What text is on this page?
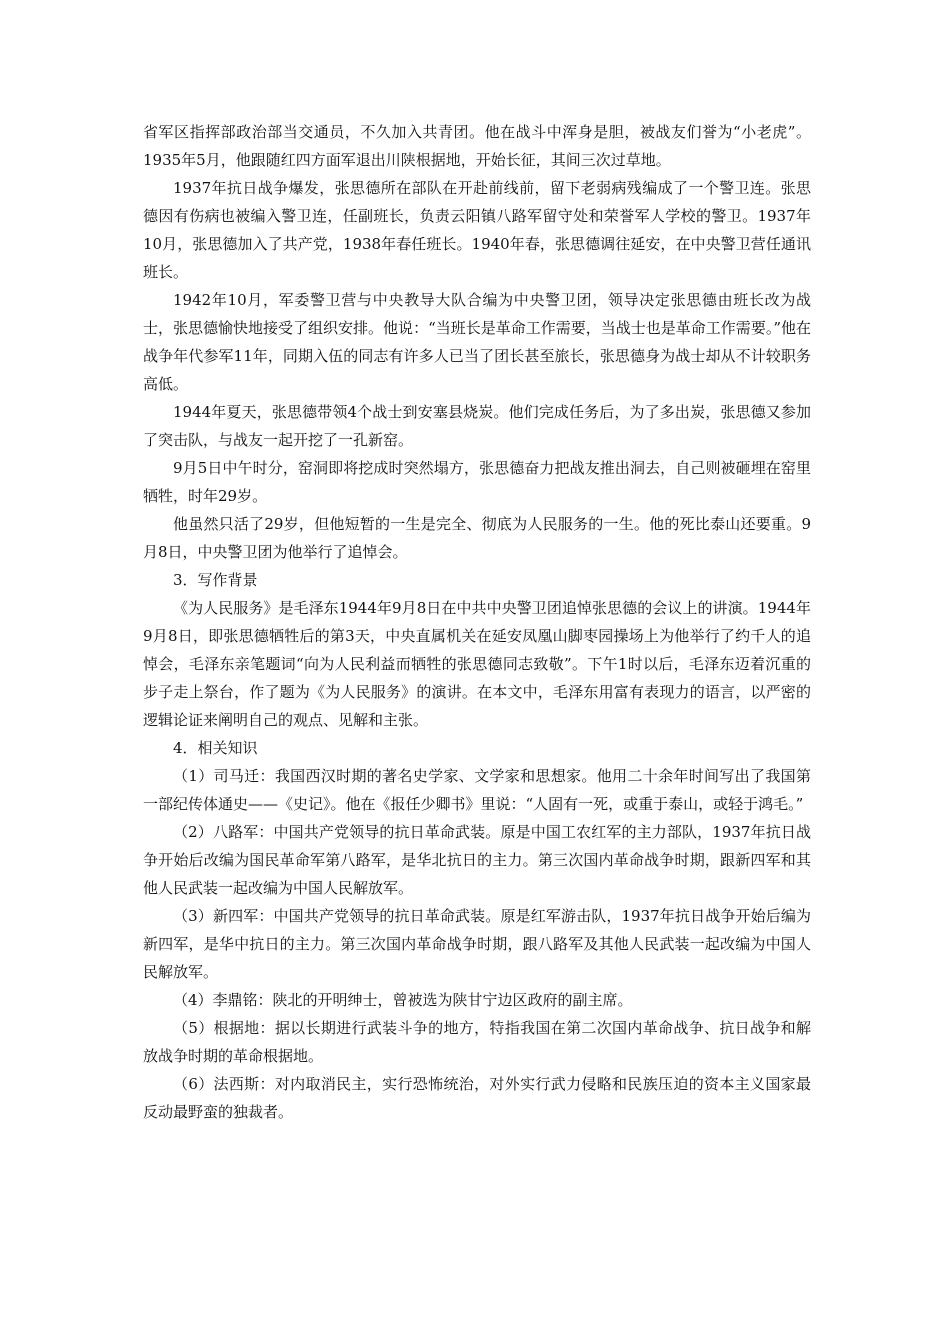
省军区指挥部政治部当交通员，不久加入共青团。他在战斗中浑身是胆，被战友们誉为“小老虎”。1935年5月，他跟随红四方面军退出川陕根据地，开始长征，其间三次过草地。

1937年抗日战争爆发，张思德所在部队在开赴前线前，留下老弱病残编成了一个警卫连。张思德因有伤病也被编入警卫连，任副班长，负责云阳镇八路军留守处和荣誉军人学校的警卫。1937年10月，张思德加入了共产党，1938年春任班长。1940年春，张思德调往延安，在中央警卫营任通讯班长。

1942年10月，军委警卫营与中央教导大队合编为中央警卫团，领导决定张思德由班长改为战士，张思德愉快地接受了组织安排。他说：“当班长是革命工作需要，当战士也是革命工作需要。”他在战争年代参军11年，同期入伍的同志有许多人已当了团长甚至旅长，张思德身为战士却从不计较职务高低。

1944年夏天，张思德带领4个战士到安塞县烧炭。他们完成任务后，为了多出炭，张思德又参加了突击队，与战友一起开挖了一孔新窑。

9月5日中午时分，窑洞即将挖成时突然塌方，张思德奋力把战友推出洞去，自己则被砸埋在窑里牺牲，时年29岁。

他虽然只活了29岁，但他短暂的一生是完全、彻底为人民服务的一生。他的死比泰山还要重。9月8日，中央警卫团为他举行了追悼会。

3．写作背景

《为人民服务》是毛泽东1944年9月8日在中共中央警卫团追悼张思德的会议上的讲演。1944年9月8日，即张思德牺牲后的第3天，中央直属机关在延安凤凰山脚枣园操场上为他举行了约千人的追悼会，毛泽东亲笔题词“向为人民利益而牺牲的张思德同志致敬”。下午1时以后，毛泽东迈着沉重的步子走上祭台，作了题为《为人民服务》的演讲。在本文中，毛泽东用富有表现力的语言，以严密的逻辑论证来阐明自己的观点、见解和主张。

4．相关知识

（1）司马迁：我国西汉时期的著名史学家、文学家和思想家。他用二十余年时间写出了我国第一部纪传体通史——《史记》。他在《报任少卿书》里说：“人固有一死，或重于泰山，或轻于鸿毛。”

（2）八路军：中国共产党领导的抗日革命武装。原是中国工农红军的主力部队，1937年抗日战争开始后改编为国民革命军第八路军，是华北抗日的主力。第三次国内革命战争时期，跟新四军和其他人民武装一起改编为中国人民解放军。

（3）新四军：中国共产党领导的抗日革命武装。原是红军游击队，1937年抗日战争开始后编为新四军，是华中抗日的主力。第三次国内革命战争时期，跟八路军及其他人民武装一起改编为中国人民解放军。

（4）李鼎铭：陕北的开明绅士，曾被选为陕甘宁边区政府的副主席。

（5）根据地：据以长期进行武装斗争的地方，特指我国在第二次国内革命战争、抗日战争和解放战争时期的革命根据地。

（6）法西斯：对内取消民主，实行恐怖统治，对外实行武力侵略和民族压迫的资本主义国家最反动最野蛮的独裁者。
